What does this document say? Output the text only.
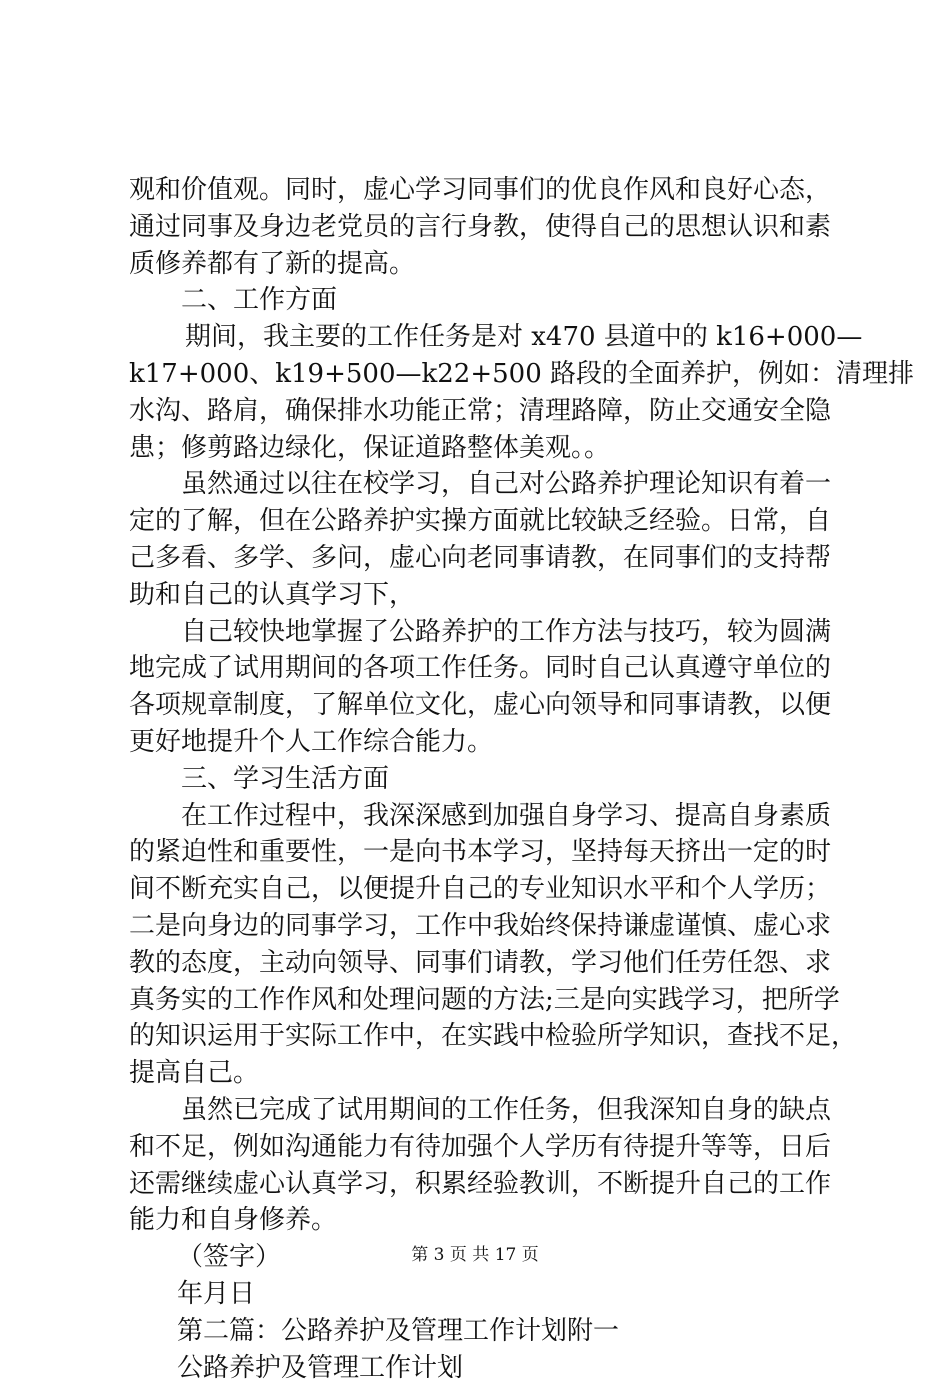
观和价值观。同时，虚心学习同事们的优良作风和良好心态，
通过同事及身边老党员的言行身教，使得自己的思想认识和素
质修养都有了新的提高。
二、工作方面
期间，我主要的工作任务是对 x470 县道中的 k16+000—
k17+000、k19+500—k22+500 路段的全面养护，例如：清理排
水沟、路肩，确保排水功能正常；清理路障，防止交通安全隐
患；修剪路边绿化，保证道路整体美观。。
虽然通过以往在校学习，自己对公路养护理论知识有着一
定的了解，但在公路养护实操方面就比较缺乏经验。日常，自
己多看、多学、多问，虚心向老同事请教，在同事们的支持帮
助和自己的认真学习下，
自己较快地掌握了公路养护的工作方法与技巧，较为圆满
地完成了试用期间的各项工作任务。同时自己认真遵守单位的
各项规章制度，了解单位文化，虚心向领导和同事请教，以便
更好地提升个人工作综合能力。
三、学习生活方面
在工作过程中，我深深感到加强自身学习、提高自身素质
的紧迫性和重要性，一是向书本学习，坚持每天挤出一定的时
间不断充实自己，以便提升自己的专业知识水平和个人学历；
二是向身边的同事学习，工作中我始终保持谦虚谨慎、虚心求
教的态度，主动向领导、同事们请教，学习他们任劳任怨、求
真务实的工作作风和处理问题的方法;三是向实践学习，把所学
的知识运用于实际工作中，在实践中检验所学知识，查找不足，
提高自己。
虽然已完成了试用期间的工作任务，但我深知自身的缺点
和不足，例如沟通能力有待加强个人学历有待提升等等，日后
还需继续虚心认真学习，积累经验教训，不断提升自己的工作
能力和自身修养。
（签字）
年月日
第二篇：公路养护及管理工作计划附一
公路养护及管理工作计划
第 3 页 共 17 页
